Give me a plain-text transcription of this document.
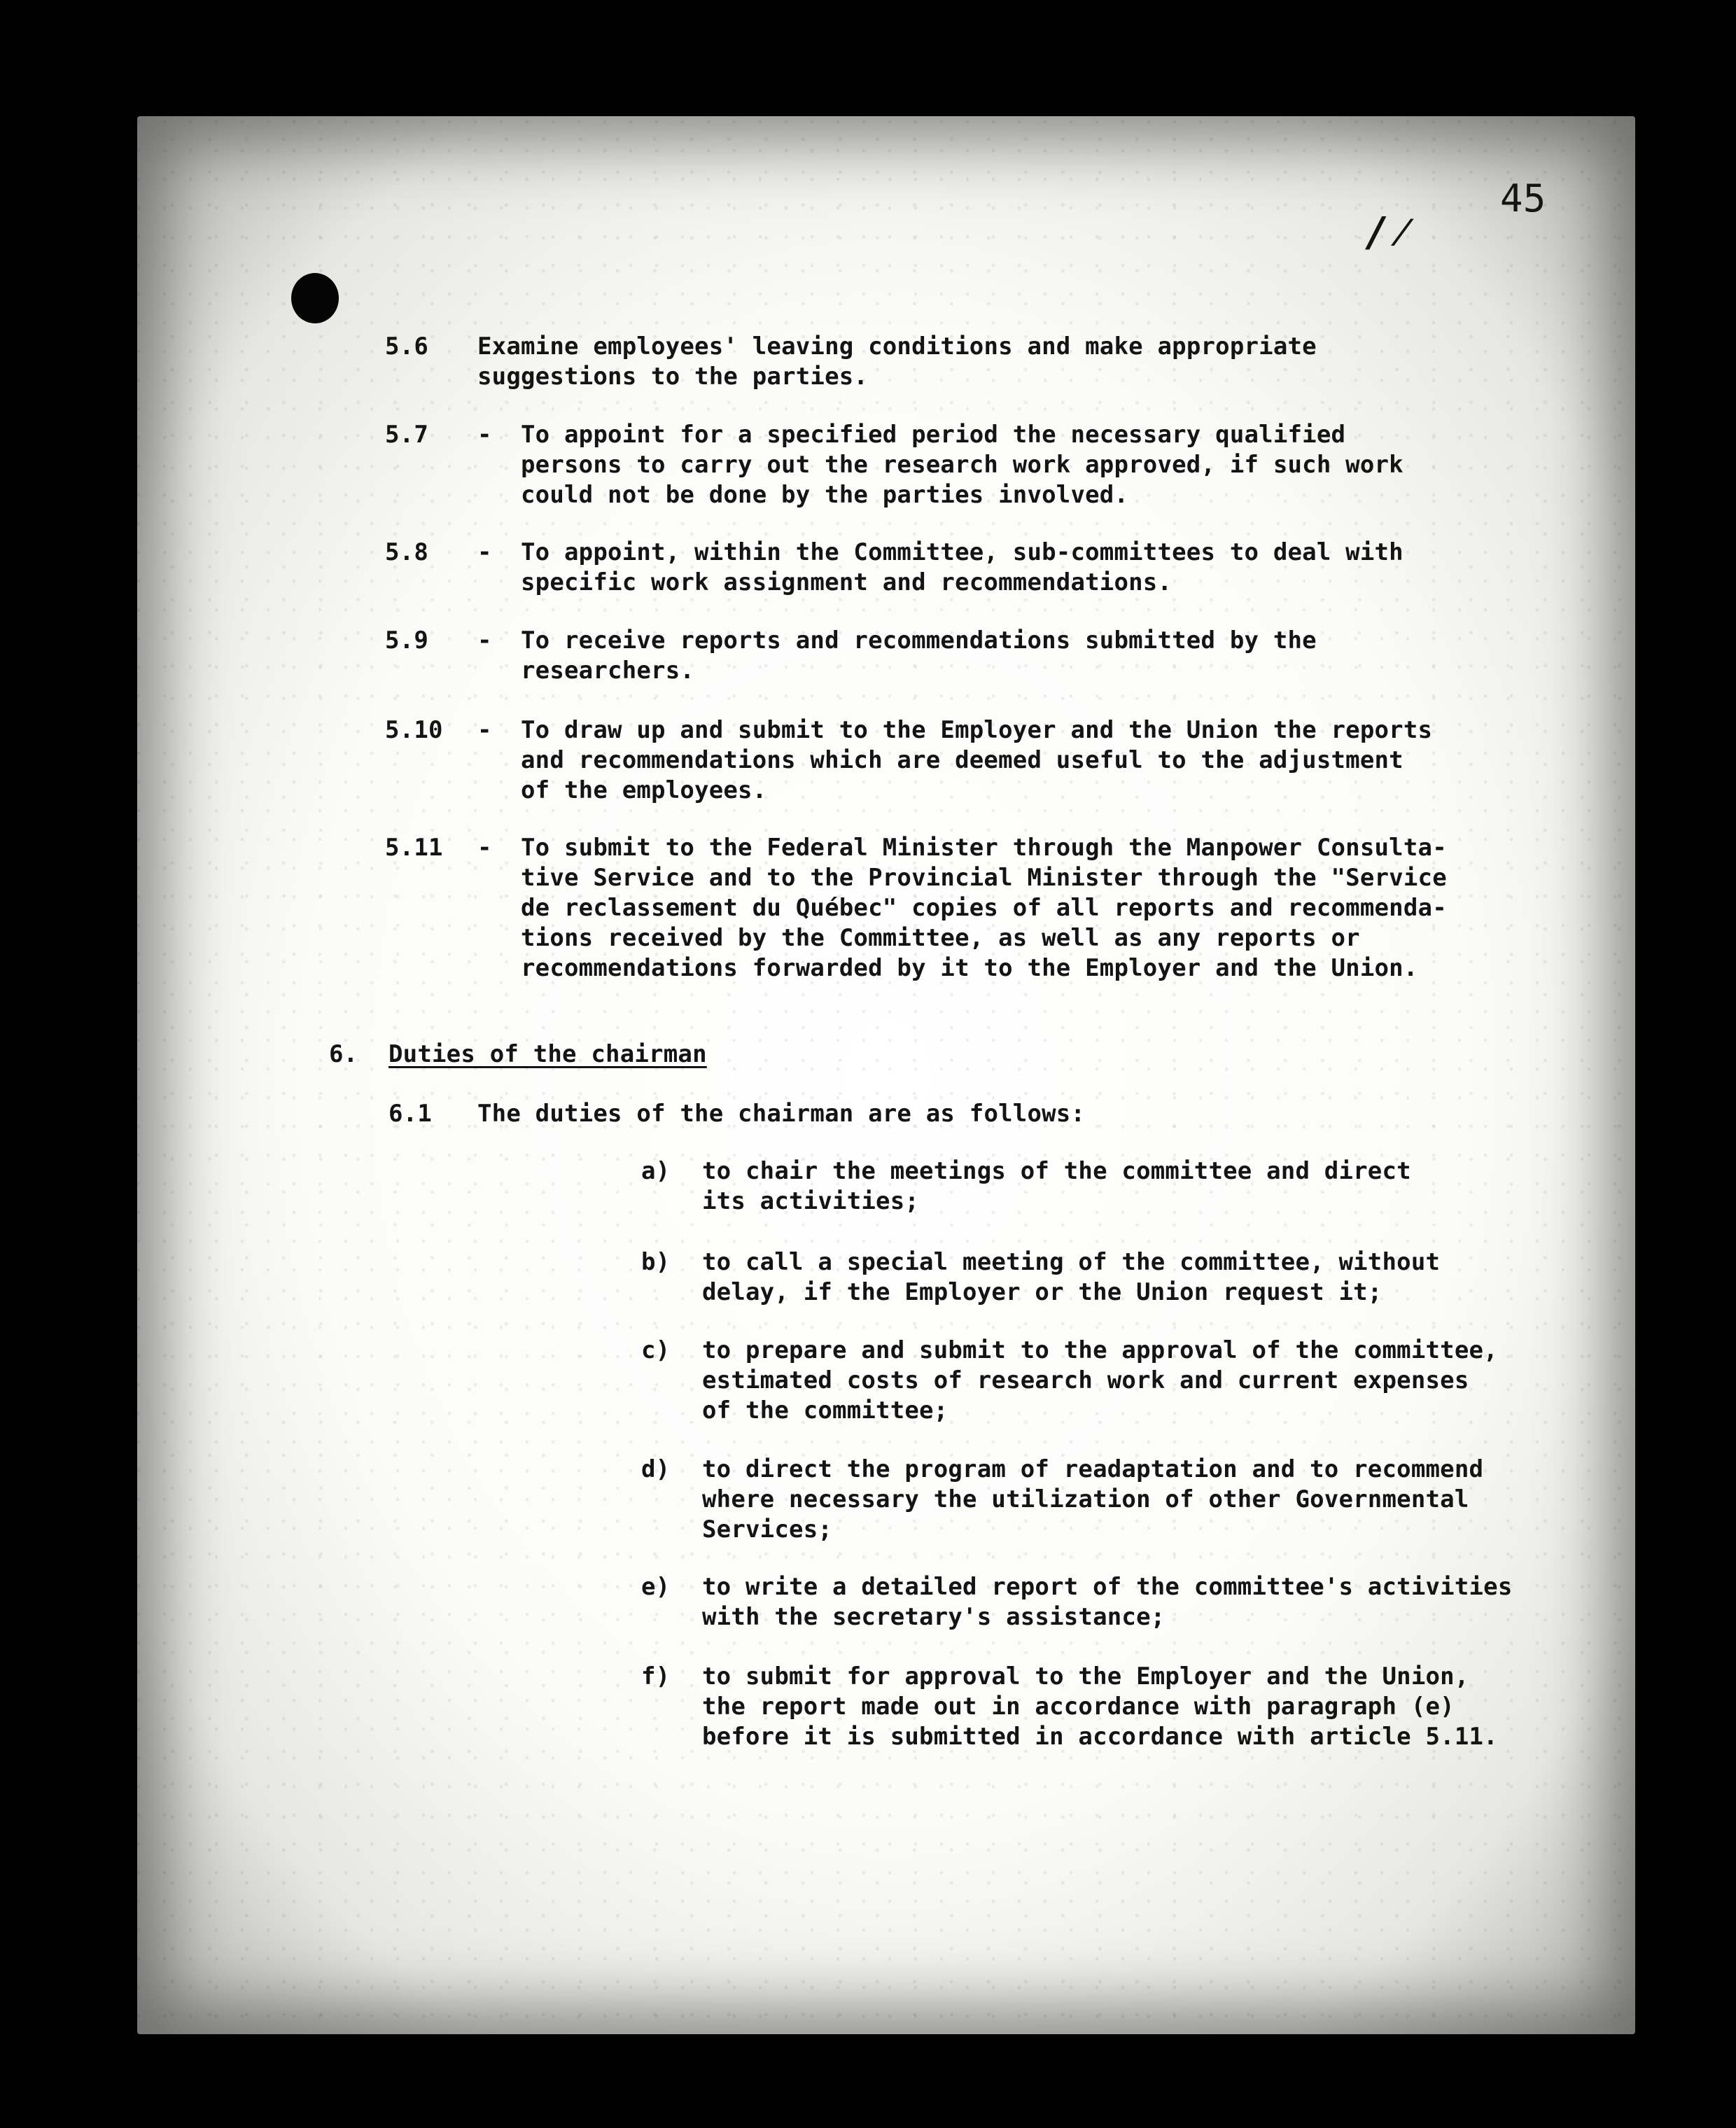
45
/⁄
5.6 Examine employees' leaving conditions and make appropriate
suggestions to the parties.
5.7 - To appoint for a specified period the necessary qualified
persons to carry out the research work approved, if such work
could not be done by the parties involved.
5.8 - To appoint, within the Committee, sub-committees to deal with
specific work assignment and recommendations.
5.9 - To receive reports and recommendations submitted by the
researchers.
5.10 - To draw up and submit to the Employer and the Union the reports
and recommendations which are deemed useful to the adjustment
of the employees.
5.11 - To submit to the Federal Minister through the Manpower Consulta-
tive Service and to the Provincial Minister through the "Service
de reclassement du Québec" copies of all reports and recommenda-
tions received by the Committee, as well as any reports or
recommendations forwarded by it to the Employer and the Union.
6. Duties of the chairman
6.1 The duties of the chairman are as follows:
a) to chair the meetings of the committee and direct
its activities;
b) to call a special meeting of the committee, without
delay, if the Employer or the Union request it;
c) to prepare and submit to the approval of the committee,
estimated costs of research work and current expenses
of the committee;
d) to direct the program of readaptation and to recommend
where necessary the utilization of other Governmental
Services;
e) to write a detailed report of the committee's activities
with the secretary's assistance;
f) to submit for approval to the Employer and the Union,
the report made out in accordance with paragraph (e)
before it is submitted in accordance with article 5.11.
